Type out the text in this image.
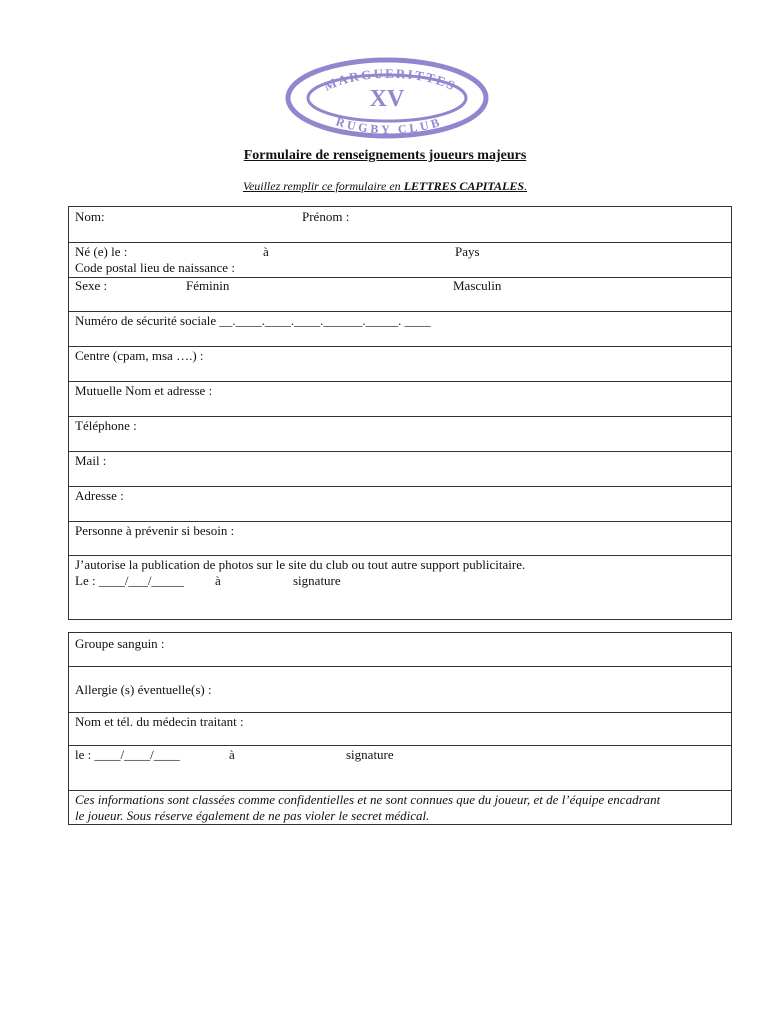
MARGUERITTES
XV
RUGBY CLUB
Formulaire de renseignements joueurs majeurs
Veuillez remplir ce formulaire en LETTRES CAPITALES.
Nom:	Prénom :
Né (e) le :	à	Pays
Code postal lieu de naissance :
Sexe :	Féminin	Masculin
Numéro de sécurité sociale __.____.____.____.______._____. ____
Centre (cpam, msa ….) :
Mutuelle Nom et adresse :
Téléphone :
Mail :
Adresse :
Personne à prévenir si besoin :
J’autorise la publication de photos sur le site du club ou tout autre support publicitaire.
Le : ____/___/_____ à	signature
Groupe sanguin :
Allergie (s) éventuelle(s) :
Nom et tél. du médecin traitant :
le : ____/____/____	à	signature
Ces informations sont classées comme confidentielles et ne sont connues que du joueur, et de l’équipe encadrant
le joueur. Sous réserve également de ne pas violer le secret médical.
